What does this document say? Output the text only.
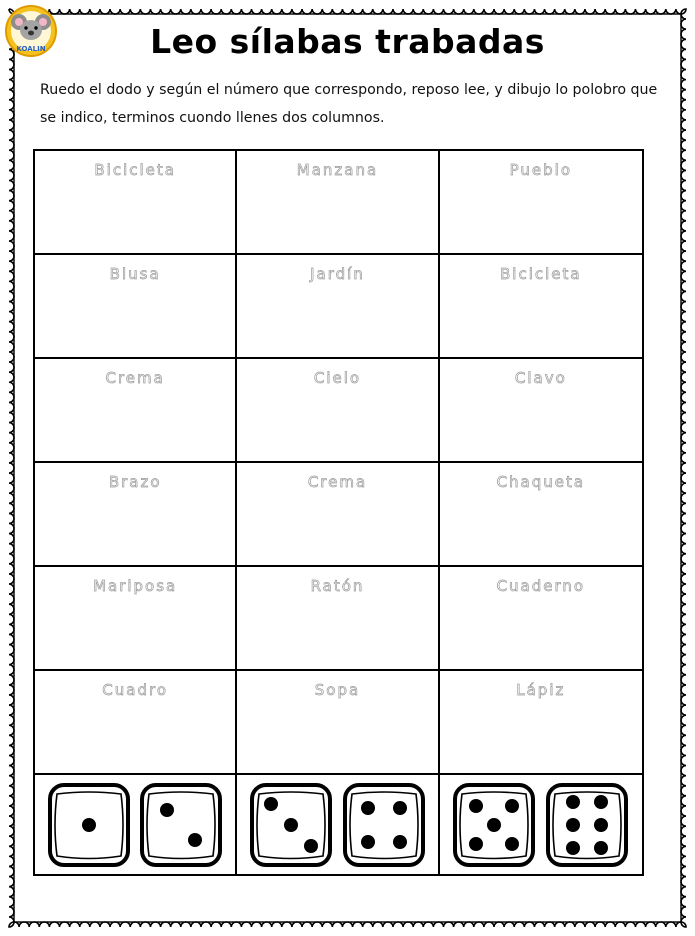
KOALIN	Leo sílabas trabadas
Ruedo el dodo y según el número que correspondo, reposo lee, y dibujo lo polobro que se indico, terminos cuondo llenes dos columnos.
Bicicleta	Manzana	Pueblo
Blusa	Jardín	Bicicleta
Crema	Cielo	Clavo
Brazo	Crema	Chaqueta
Mariposa	Ratón	Cuaderno
Cuadro	Sopa	Lápiz
